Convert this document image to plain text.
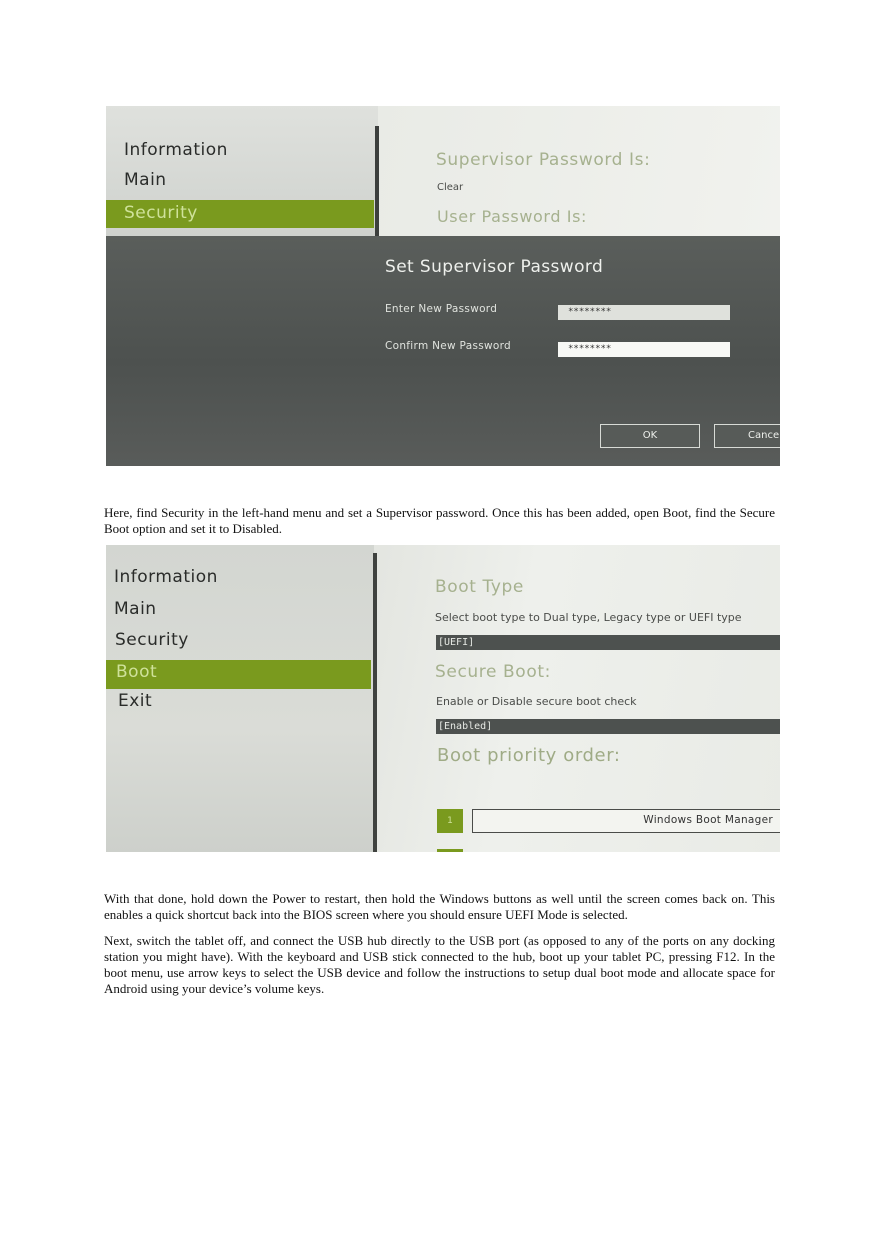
Information
Main
Security
Supervisor Password Is:
Clear
User Password Is:
Set Supervisor Password
Enter New Password	********
Confirm New Password	********
OK	Cance

Here, find Security in the left-hand menu and set a Supervisor password. Once this has been added, open Boot, find the Secure Boot option and set it to Disabled.

Information
Main
Security
Boot
Exit
Boot Type
Select boot type to Dual type, Legacy type or UEFI type
[UEFI]
Secure Boot:
Enable or Disable secure boot check
[Enabled]
Boot priority order:
1	Windows Boot Manager

With that done, hold down the Power to restart, then hold the Windows buttons as well until the screen comes back on. This enables a quick shortcut back into the BIOS screen where you should ensure UEFI Mode is selected.

Next, switch the tablet off, and connect the USB hub directly to the USB port (as opposed to any of the ports on any docking station you might have). With the keyboard and USB stick connected to the hub, boot up your tablet PC, pressing F12. In the boot menu, use arrow keys to select the USB device and follow the instructions to setup dual boot mode and allocate space for Android using your device’s volume keys.
